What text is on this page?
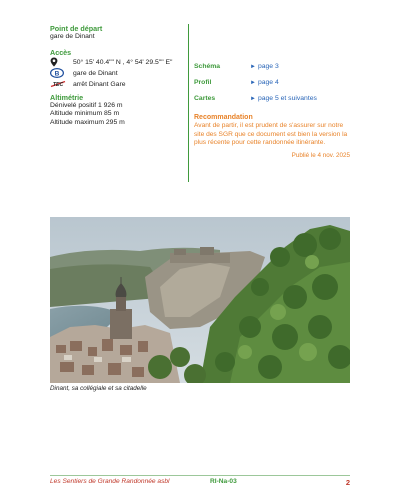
Point de départ
gare de Dinant
Accès
50° 15' 40.4"" N , 4° 54' 29.5"" E"
B	gare de Dinant
TEC	arrêt Dinant Gare
Altimétrie
Dénivelé positif 1 926 m
Altitude minimum 85 m
Altitude maximum 295 m
Schéma	► page 3
Profil	► page 4
Cartes	► page 5 et suivantes
Recommandation
Avant de partir, il est prudent de s'assurer sur notre site des SGR que ce document est bien la version la plus récente pour cette randonnée itinérante.
Publié le 4 nov. 2025
Dinant, sa collégiale et sa citadelle
Les Sentiers de Grande Randonnée asbl	RI-Na-03	2
